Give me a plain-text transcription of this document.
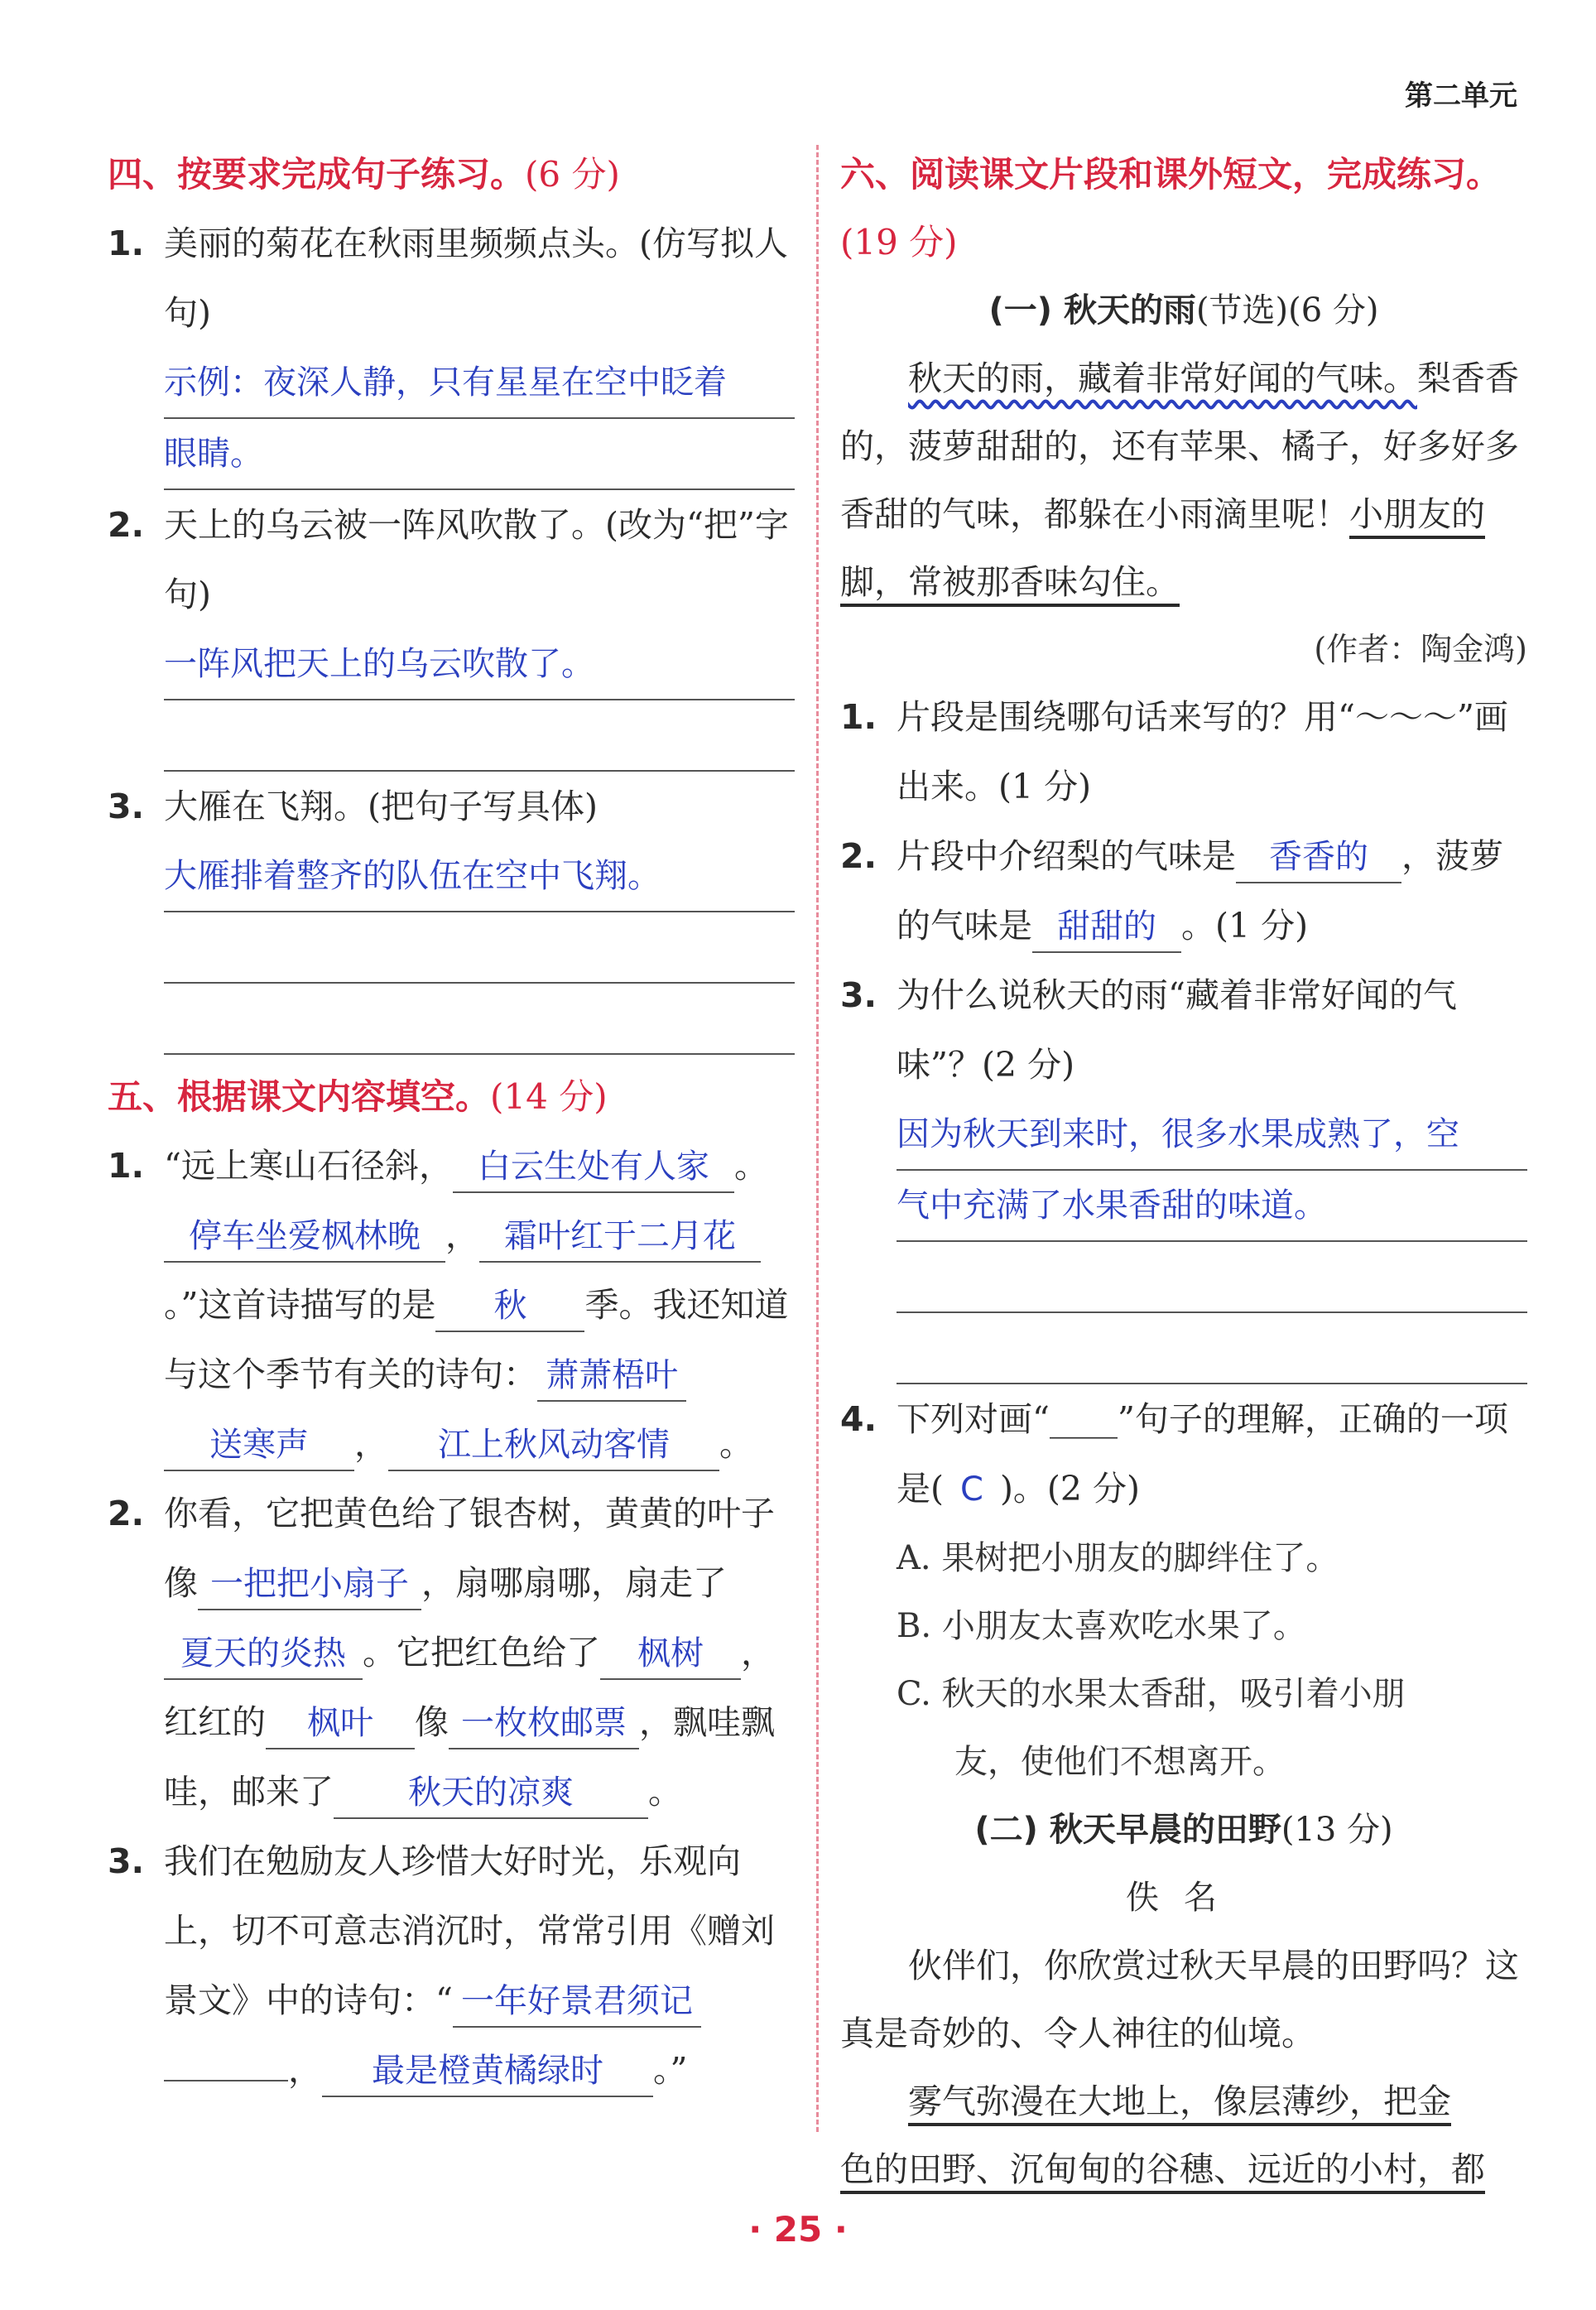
第二单元

四、按要求完成句子练习。(6 分)

1. 美丽的菊花在秋雨里频频点头。(仿写拟人句)
示例：夜深人静，只有星星在空中眨着
眼睛。
2. 天上的乌云被一阵风吹散了。(改为“把”字句)
一阵风把天上的乌云吹散了。
3. 大雁在飞翔。(把句子写具体)
大雁排着整齐的队伍在空中飞翔。

五、根据课文内容填空。(14 分)

1. “远上寒山石径斜， 白云生处有人家 。停车坐爱枫林晚 ， 霜叶红于二月花。”这首诗描写的是 秋 季。我还知道与这个季节有关的诗句： 萧萧梧叶送寒声 ， 江上秋风动客情 。
2. 你看，它把黄色给了银杏树，黄黄的叶子像 一把把小扇子 ，扇哪扇哪，扇走了夏天的炎热 。它把红色给了 枫树 ，红红的 枫叶 像 一枚枚邮票 ，飘哇飘哇，邮来了 秋天的凉爽 。
3. 我们在勉励友人珍惜大好时光，乐观向上，切不可意志消沉时，常常引用《赠刘景文》中的诗句：“ 一年好景君须记， 最是橙黄橘绿时 。”

六、阅读课文片段和课外短文，完成练习。(19 分)

(一) 秋天的雨(节选)(6 分)

秋天的雨，藏着非常好闻的气味。梨香香的，菠萝甜甜的，还有苹果、橘子，好多好多香甜的气味，都躲在小雨滴里呢！小朋友的脚，常被那香味勾住。

(作者：陶金鸿)

1. 片段是围绕哪句话来写的？用“～～～”画出来。(1 分)
2. 片段中介绍梨的气味是 香香的 ，菠萝的气味是 甜甜的 。(1 分)
3. 为什么说秋天的雨“藏着非常好闻的气味”？(2 分)
因为秋天到来时，很多水果成熟了，空
气中充满了水果香甜的味道。
4. 下列对画“____”句子的理解，正确的一项是( C )。(2 分)

A. 果树把小朋友的脚绊住了。

B. 小朋友太喜欢吃水果了。

C. 秋天的水果太香甜，吸引着小朋

友，使他们不想离开。

(二) 秋天早晨的田野(13 分)

佚名

伙伴们，你欣赏过秋天早晨的田野吗？这真是奇妙的、令人神往的仙境。

雾气弥漫在大地上，像层薄纱，把金

色的田野、沉甸甸的谷穗、远近的小村，都

· 25 ·
